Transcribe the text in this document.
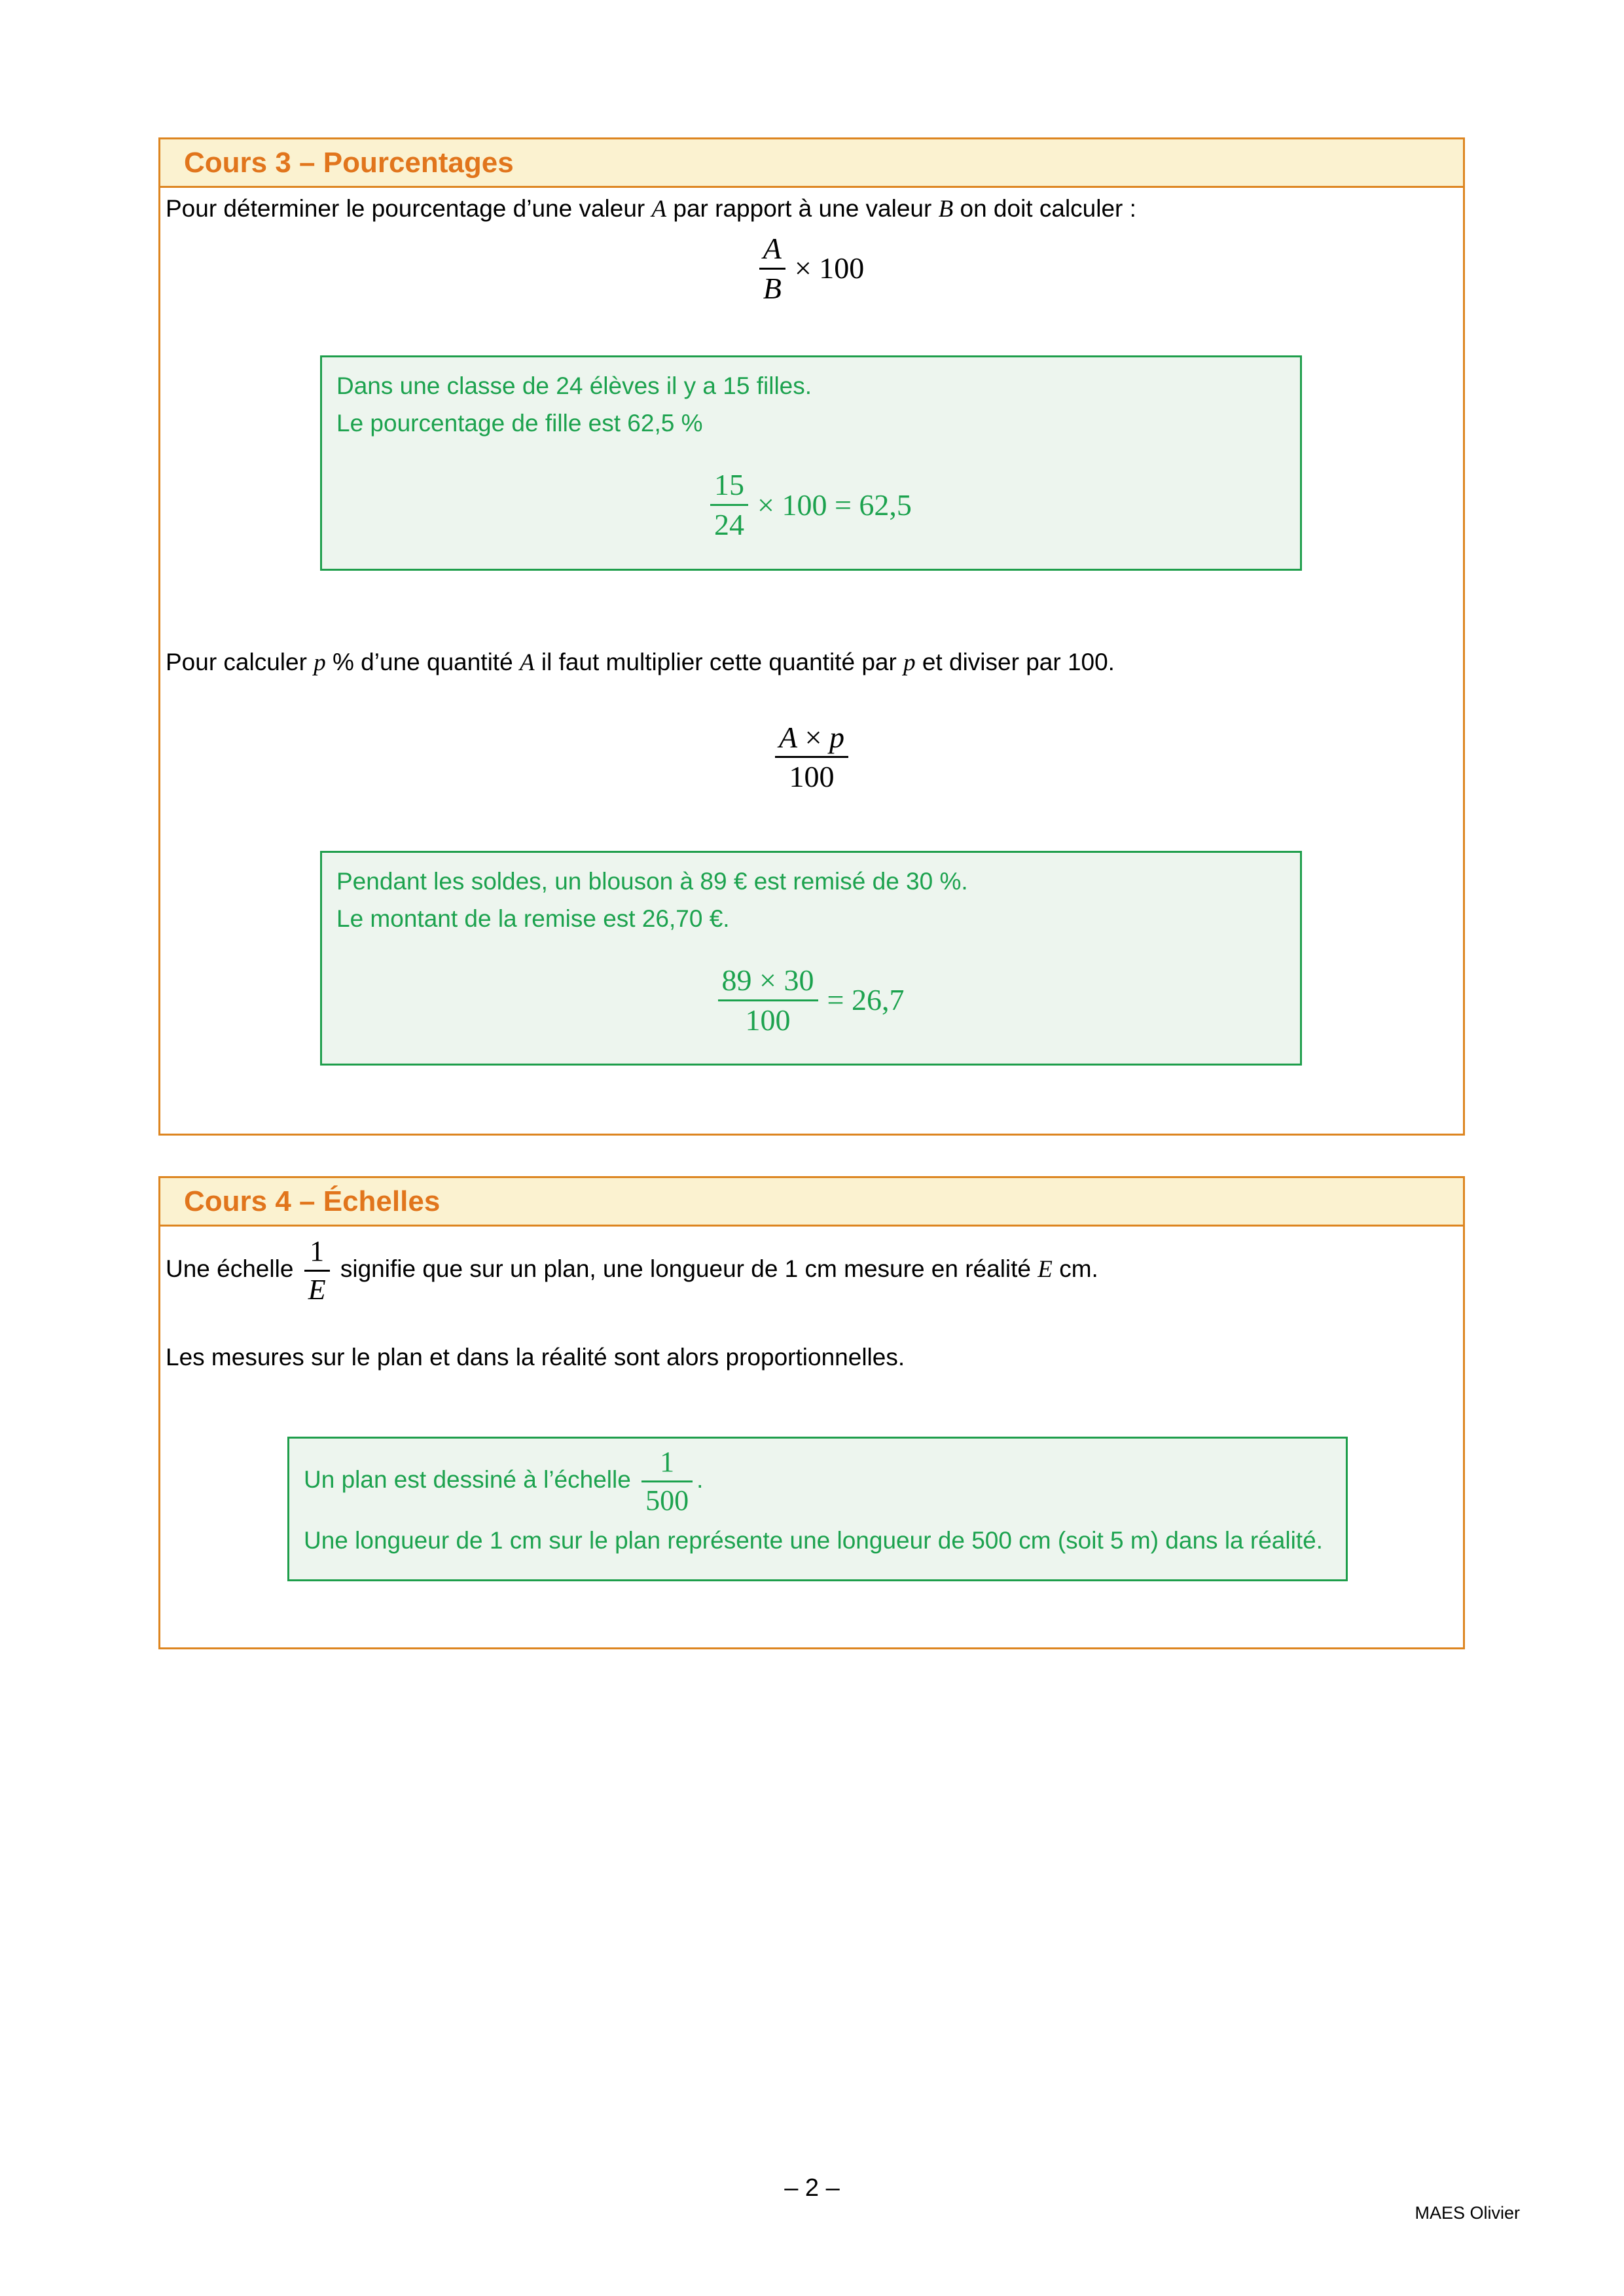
Cours 3 – Pourcentages

Pour déterminer le pourcentage d’une valeur A par rapport à une valeur B on doit calculer :

$\frac{A}{B} \times 100$

Dans une classe de 24 élèves il y a 15 filles.

Le pourcentage de fille est 62,5 %

$\frac{15}{24} \times 100 = 62,5$

Pour calculer p % d’une quantité A il faut multiplier cette quantité par p et diviser par 100.

$\frac{A \times p}{100}$

Pendant les soldes, un blouson à 89 € est remisé de 30 %.

Le montant de la remise est 26,70 €.

$\frac{89 \times 30}{100} = 26,7$
Cours 4 – Échelles

Une échelle $\frac{1}{E}$ signifie que sur un plan, une longueur de 1 cm mesure en réalité E cm.

Les mesures sur le plan et dans la réalité sont alors proportionnelles.

Un plan est dessiné à l’échelle $\frac{1}{500}$ .

Une longueur de 1 cm sur le plan représente une longueur de 500 cm (soit 5 m) dans la réalité.

– 2 –
MAES Olivier
